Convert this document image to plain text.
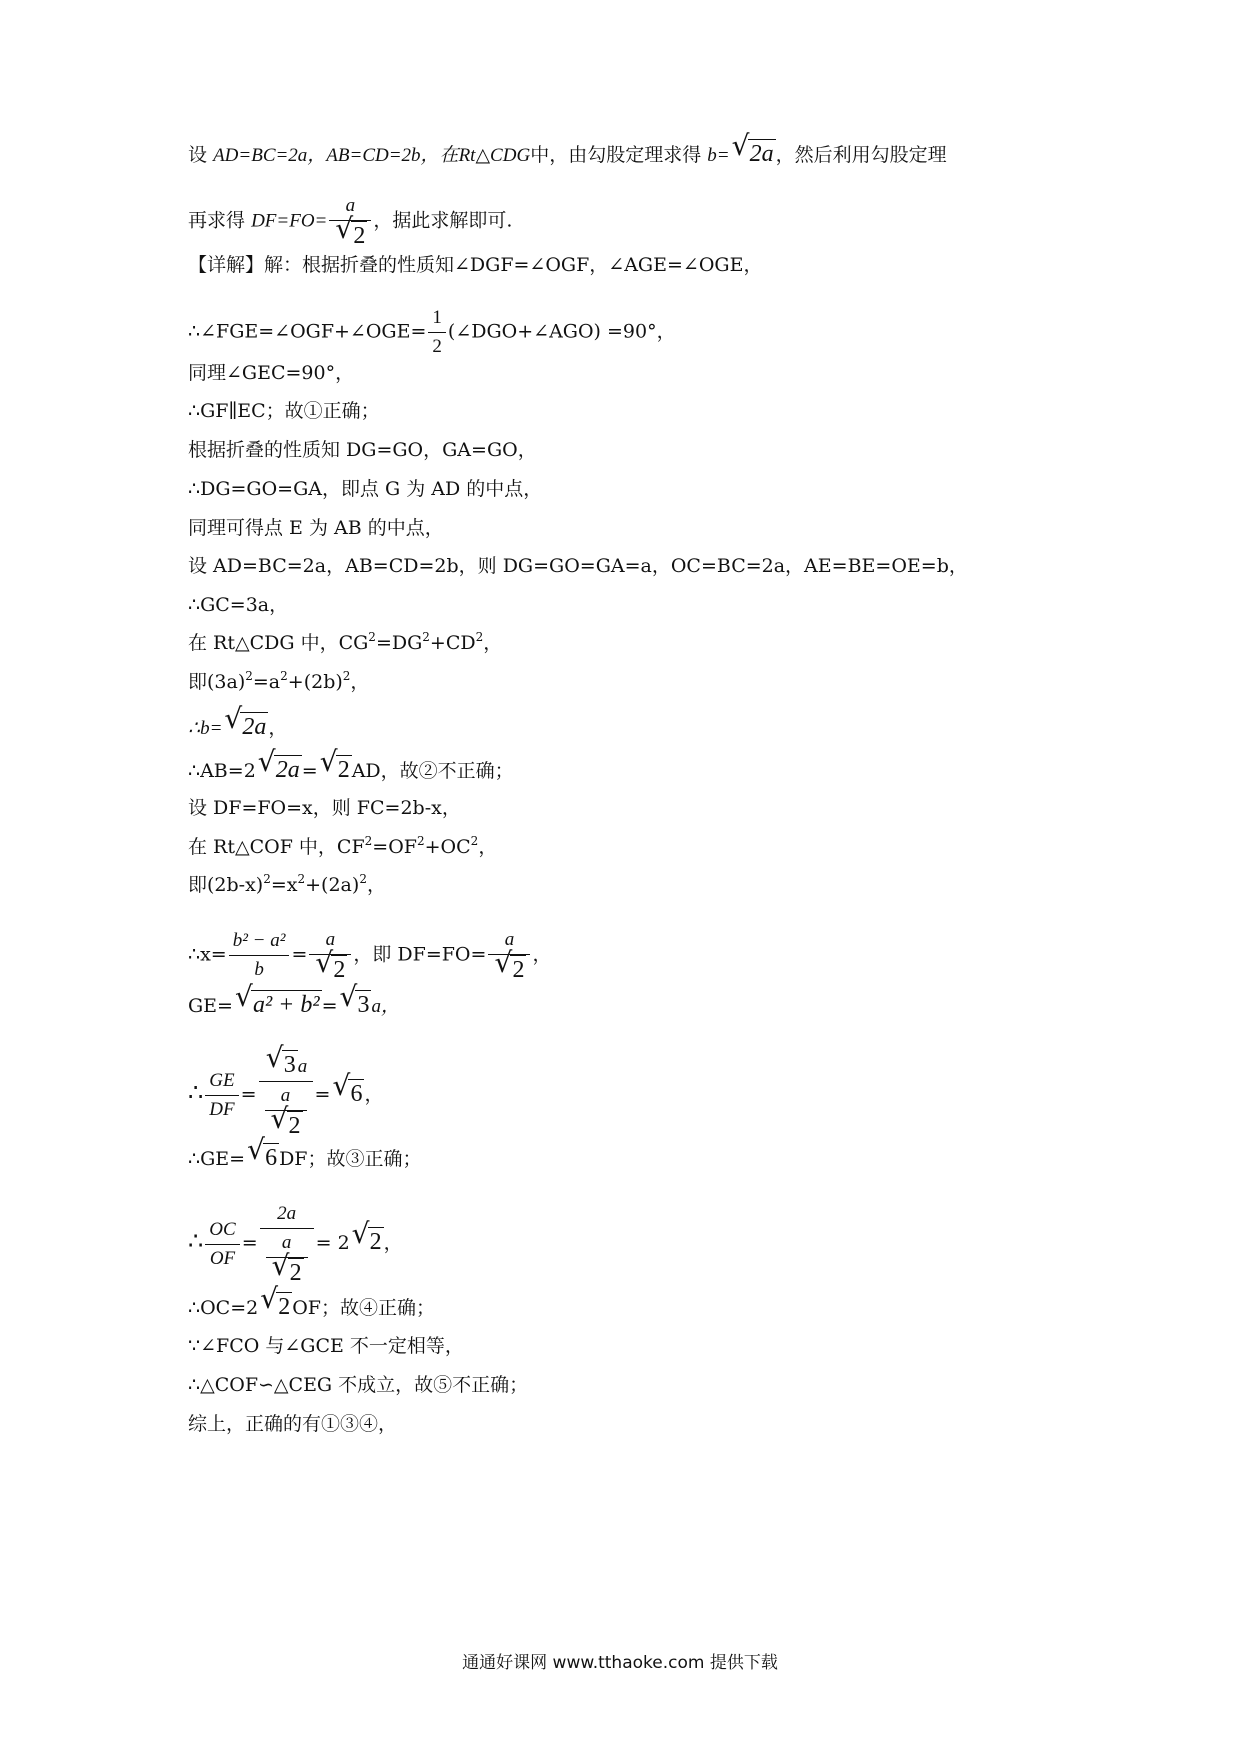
设 AD=BC=2a，AB=CD=2b，在Rt△CDG中，由勾股定理求得 b= √ 2a ，然后利用勾股定理
再求得 DF=FO= a
√ 2 ，据此求解即可.
【详解】解：根据折叠的性质知∠DGF=∠OGF，∠AGE=∠OGE，
∴∠FGE=∠OGF+∠OGE= $\frac{1}{2}$ (∠DGO+∠AGO) =90°，
同理∠GEC=90°，
∴GF∥EC；故①正确；
根据折叠的性质知 DG=GO，GA=GO，
∴DG=GO=GA，即点 G 为 AD 的中点，
同理可得点 E 为 AB 的中点，
设 AD=BC=2a，AB=CD=2b，则 DG=GO=GA=a，OC=BC=2a，AE=BE=OE=b，
∴GC=3a，
在 Rt△CDG 中，$CG^2=DG^2+CD^2$，
即$(3a)^2=a^2+(2b)^2$，
∴b= √ 2a ，
∴AB=2 √ 2a = √ 2 AD，故②不正确；
设 DF=FO=x，则 FC=2b-x，
在 Rt△COF 中，$CF^2=OF^2+OC^2$，
即$(2b-x)^2=x^2+(2a)^2$，
∴x= $\frac{\text{b² − a²}}{b} = a$
√ 2 ，即 DF=FO= a
√ 2 ，
GE= √ a² + b² = √ 3 a，
∴ $\frac{GE}{DF}$ = √ 3 a
a
√ 2 = √ 6 ，
∴GE= √ 6 DF；故③正确；
∴ $\frac{OC}{OF} = 2a$
a
√ 2 = 2 √ 2 ，
∴OC=2 √ 2 OF；故④正确；
∵∠FCO 与∠GCE 不一定相等，
∴△COF∽△CEG 不成立，故⑤不正确；
综上，正确的有①③④，
通通好课网 www.tthaoke.com 提供下载
